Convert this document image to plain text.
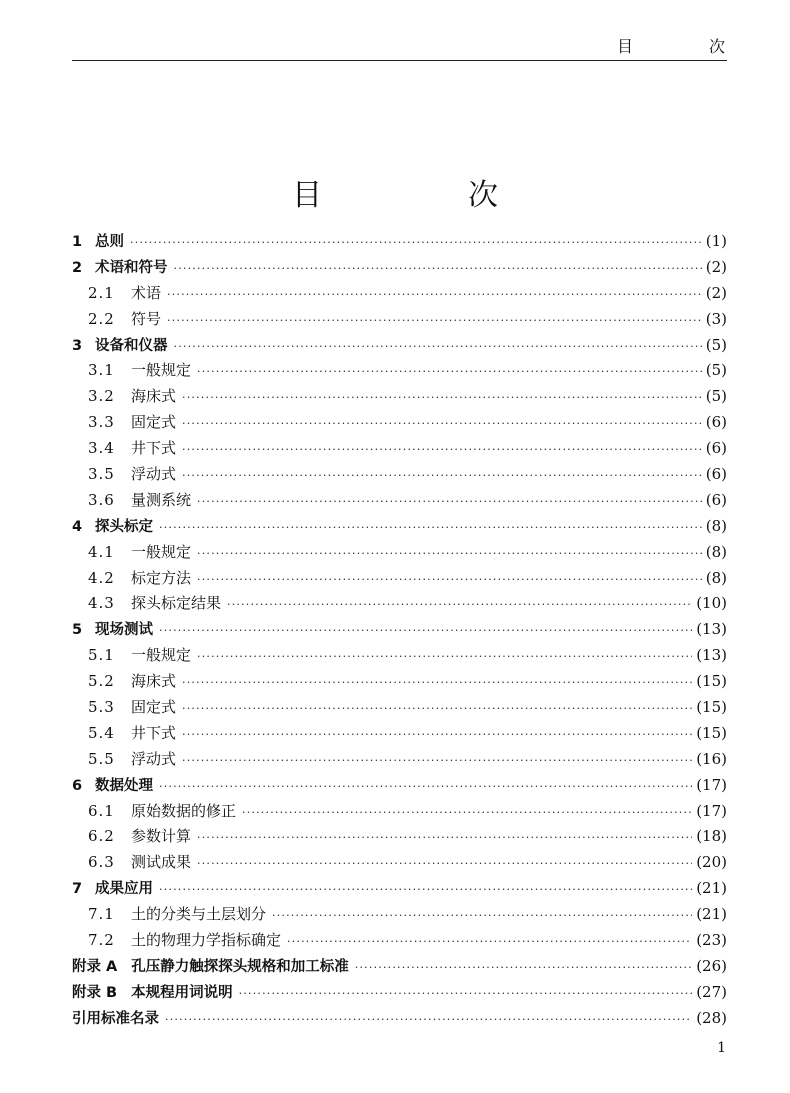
目　次
目　次
1 总则 ·····	(1)
2 术语和符号 ·····	(2)
2.1	术语 ·····	(2)
2.2	符号 ·····	(3)
3 设备和仪器 ·····	(5)
3.1	一般规定 ·····	(5)
3.2	海床式 ·····	(5)
3.3	固定式 ·····	(6)
3.4	井下式 ·····	(6)
3.5	浮动式 ·····	(6)
3.6	量测系统 ·····	(6)
4 探头标定 ·····	(8)
4.1	一般规定 ·····	(8)
4.2	标定方法 ·····	(8)
4.3	探头标定结果 ·····	(10)
5 现场测试 ·····	(13)
5.1	一般规定 ·····	(13)
5.2	海床式 ·····	(15)
5.3	固定式 ·····	(15)
5.4	井下式 ·····	(15)
5.5	浮动式 ·····	(16)
6 数据处理 ·····	(17)
6.1	原始数据的修正 ·····	(17)
6.2	参数计算 ·····	(18)
6.3	测试成果 ·····	(20)
7 成果应用 ·····	(21)
7.1	土的分类与土层划分 ·····	(21)
7.2	土的物理力学指标确定 ·····	(23)
附录 A 孔压静力触探探头规格和加工标准 ·····	(26)
附录 B 本规程用词说明 ·····	(27)
引用标准名录 ·····	(28)
1
